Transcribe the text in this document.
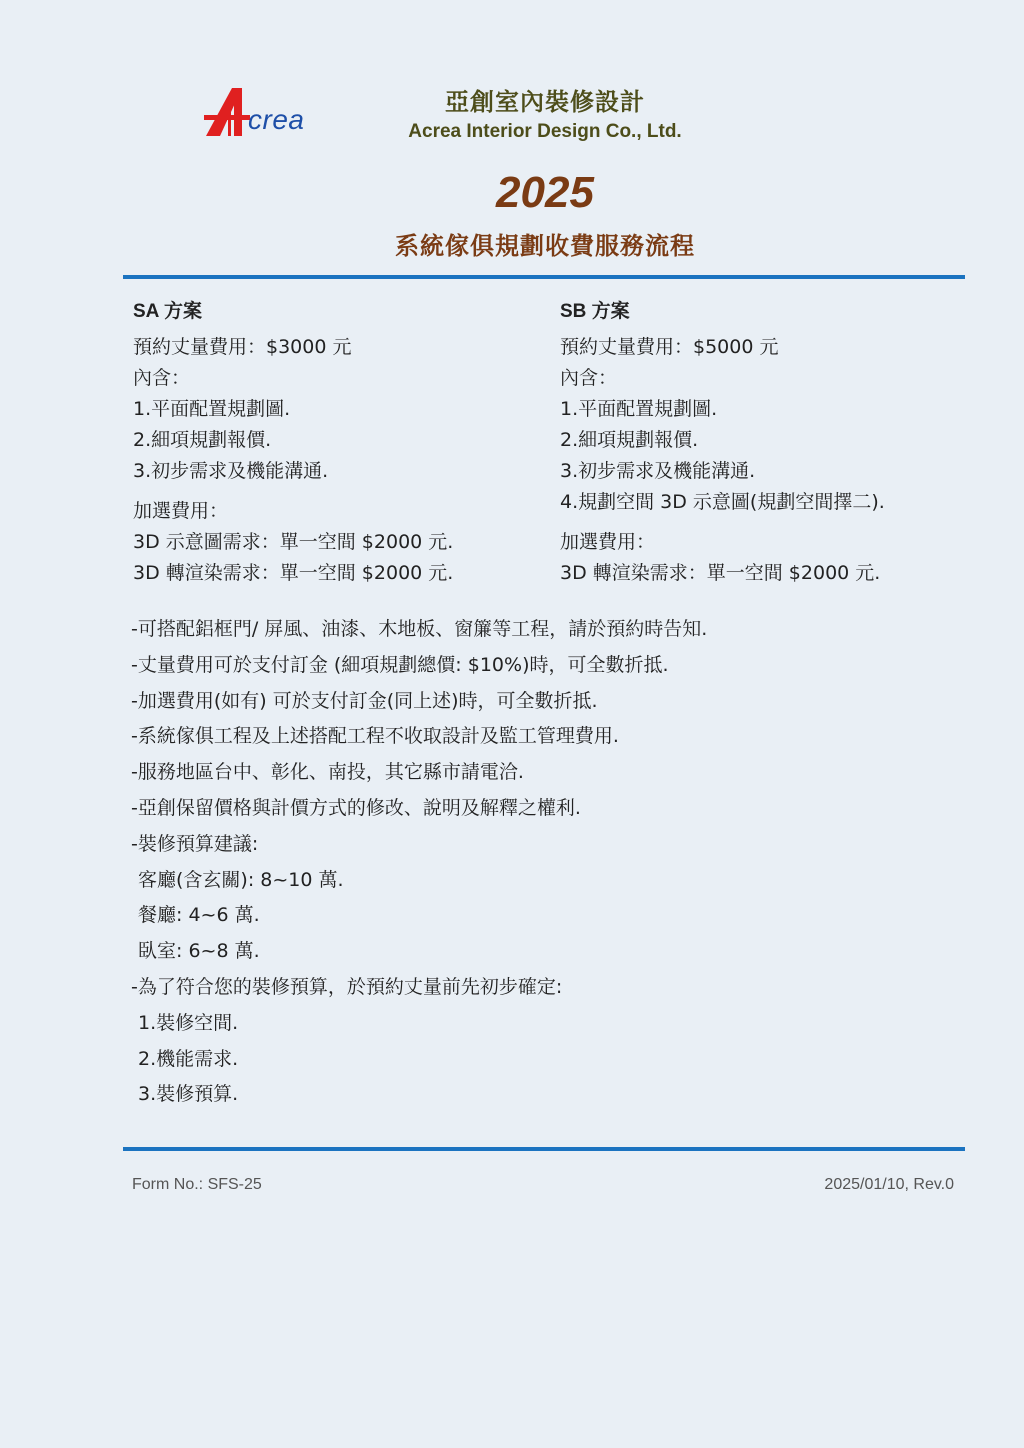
crea
亞創室內裝修設計
Acrea Interior Design Co., Ltd.
2025
系統傢俱規劃收費服務流程
SA 方案
預約丈量費用：$3000 元
內含：
1.平面配置規劃圖.
2.細項規劃報價.
3.初步需求及機能溝通.
加選費用：
3D 示意圖需求：單一空間 $2000 元.
3D 轉渲染需求：單一空間 $2000 元.
SB 方案
預約丈量費用：$5000 元
內含：
1.平面配置規劃圖.
2.細項規劃報價.
3.初步需求及機能溝通.
4.規劃空間 3D 示意圖(規劃空間擇二).
加選費用：
3D 轉渲染需求：單一空間 $2000 元.
-可搭配鋁框門/ 屏風、油漆、木地板、窗簾等工程，請於預約時告知.
-丈量費用可於支付訂金 (細項規劃總價: $10%)時，可全數折抵.
-加選費用(如有) 可於支付訂金(同上述)時，可全數折抵.
-系統傢俱工程及上述搭配工程不收取設計及監工管理費用.
-服務地區台中、彰化、南投，其它縣市請電洽.
-亞創保留價格與計價方式的修改、說明及解釋之權利.
-裝修預算建議:
客廳(含玄關): 8~10 萬.
餐廳: 4~6 萬.
臥室: 6~8 萬.
-為了符合您的裝修預算，於預約丈量前先初步確定:
1.裝修空間.
2.機能需求.
3.裝修預算.
Form No.: SFS-25	2025/01/10, Rev.0
